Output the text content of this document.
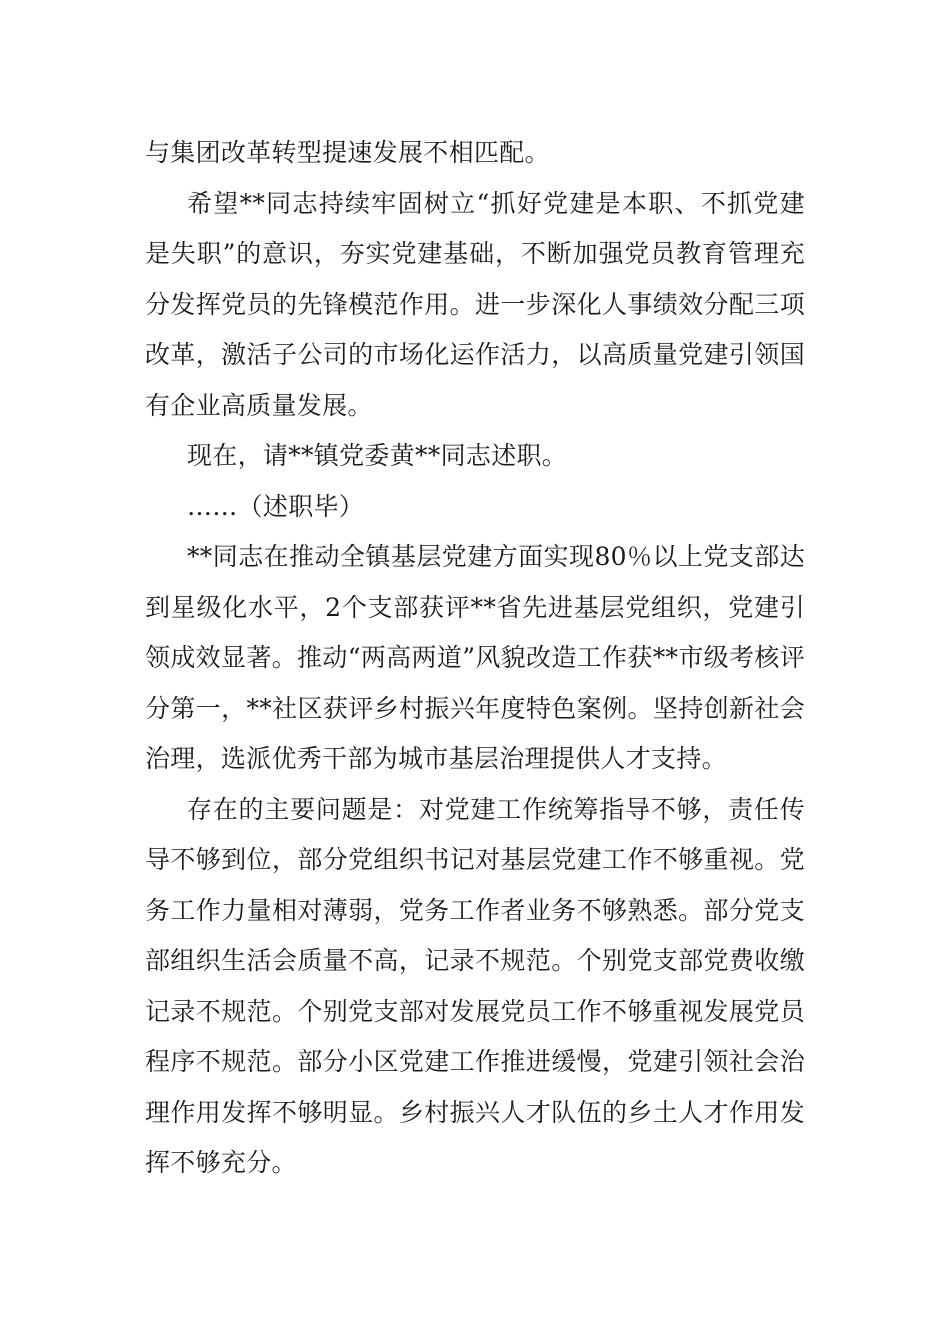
与集团改革转型提速发展不相匹配。

希望**同志持续牢固树立“抓好党建是本职、不抓党建是失职”的意识，夯实党建基础，不断加强党员教育管理充分发挥党员的先锋模范作用。进一步深化人事绩效分配三项改革，激活子公司的市场化运作活力，以高质量党建引领国有企业高质量发展。

现在，请**镇党委黄**同志述职。

……（述职毕）

**同志在推动全镇基层党建方面实现80％以上党支部达到星级化水平，2个支部获评**省先进基层党组织，党建引领成效显著。推动“两高两道”风貌改造工作获**市级考核评分第一，**社区获评乡村振兴年度特色案例。坚持创新社会治理，选派优秀干部为城市基层治理提供人才支持。

存在的主要问题是：对党建工作统筹指导不够，责任传导不够到位，部分党组织书记对基层党建工作不够重视。党务工作力量相对薄弱，党务工作者业务不够熟悉。部分党支部组织生活会质量不高，记录不规范。个别党支部党费收缴记录不规范。个别党支部对发展党员工作不够重视发展党员程序不规范。部分小区党建工作推进缓慢，党建引领社会治理作用发挥不够明显。乡村振兴人才队伍的乡土人才作用发挥不够充分。
